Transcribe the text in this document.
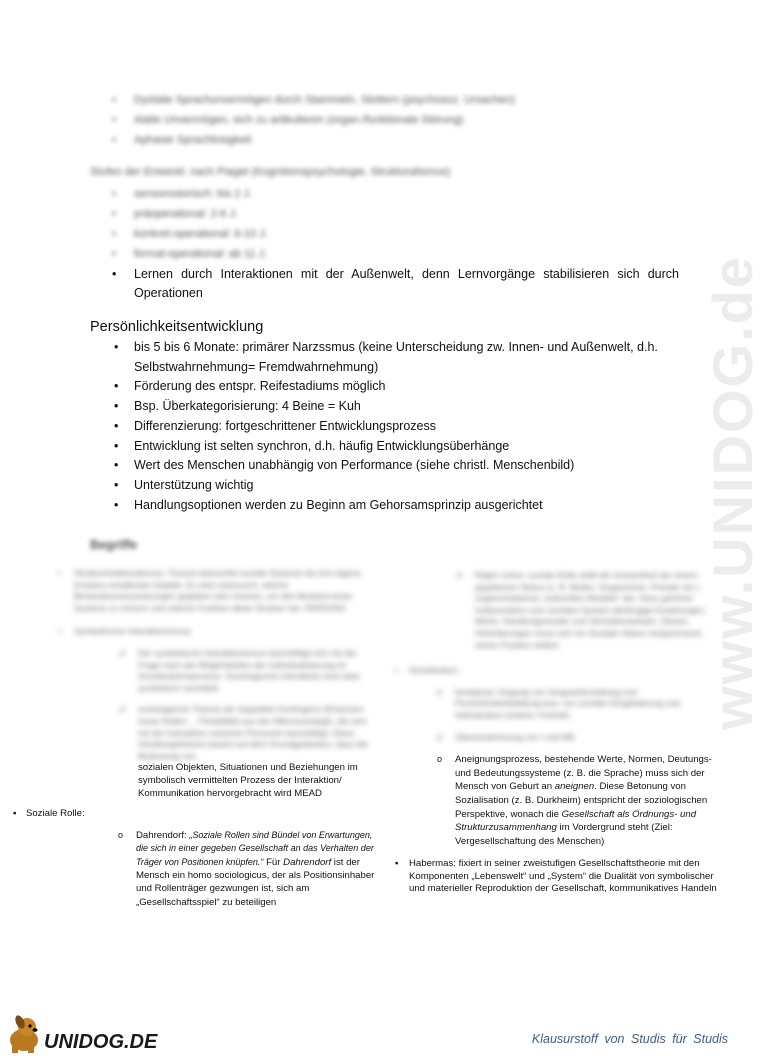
www.UNIDOG.de
• Dyslalie Sprachunvermögen durch Stammeln, Stottern (psychosoz. Ursachen)
• Alalie Unvermögen, sich zu artikulieren (organ./funktionale Störung)
• Aphasie Sprachlosigkeit
Stufen der Entwickl. nach Piaget (Kognitionspsychologie, Strukturalismus)
• sensomotorisch: bis 2 J.
• präoperational: 2-6 J.
• konkret-operational: 6-10 J.
• formal-operational: ab 11 J.
• Lernen durch Interaktionen mit der Außenwelt, denn Lernvorgänge stabilisieren sich durch Operationen
Persönlichkeitsentwicklung
• bis 5 bis 6 Monate: primärer Narzssmus (keine Unterscheidung zw. Innen- und Außenwelt, d.h. Selbstwahrnehmung= Fremdwahrnehmung)
• Förderung des entspr. Reifestadiums möglich
• Bsp. Überkategorisierung: 4 Beine = Kuh
• Differenzierung: fortgeschrittener Entwicklungsprozess
• Entwicklung ist selten synchron, d.h. häufig Entwicklungsüberhänge
• Wert des Menschen unabhängig von Performance (siehe christl. Menschenbild)
• Unterstützung wichtig
• Handlungsoptionen werden zu Beginn am Gehorsamsprinzip ausgerichtet
Begriffe
▪ Strukturfunktionalismus: Theorie betrachtet soziale Systeme als ihre eigene Existenz erhaltende Gebilde. Es wird untersucht, welche Bestandsvoraussetzungen gegeben sein müssen, um den Bestand eines Systems zu sichern und welche Funktion diese Struktur hat. PARSONS
▪ Symbolischer Interaktionismus
o Der symbolische Interaktionismus beschäftigt sich mit der Frage nach der Möglichkeiten der Individualisierung im Sozialisationsprozess. Soziologische Interaktion wird stets symbolisch vermittelt.
o soziologische Theorie der doppelten Kontingenz (Erkennen neuer Rollen ... Flexibilität) aus der Mikrosoziologie, die sich mit der Interaktion zwischen Personen beschäftigt. Diese Handlungstheorie basiert auf dem Grundgedanken, dass die Bedeutung von
sozialen Objekten, Situationen und Beziehungen im symbolisch vermittelten Prozess der Interaktion/ Kommunikation hervorgebracht wird MEAD
▪ Soziale Rolle:
o Dahrendorf: „Soziale Rollen sind Bündel von Erwartungen, die sich in einer gegeben Gesellschaft an das Verhalten der Träger von Positionen knüpfen.“ Für Dahrendorf ist der Mensch ein homo sociologicus, der als Positionsinhaber und Rollenträger gezwungen ist, sich am „Gesellschaftsspiel“ zu beteiligen
o Ralph Linton: soziale Rolle stellt die Gesamtheit der einem gegebenen Status (z. B. Mutter, Vorgesetzter, Priester etc.) zugeschriebenen „kulturellen Modelle“ dar. Dazu gehören insbesondere vom sozialen System abhängige Erwartungen, Werte, Handlungsmuster und Verhaltensweisen. Diesen Anforderungen muss sich ein Sozialer Akteur entsprechend seiner Position stellen.
▪ Sozialisation:
o komplexer Vorgang von Vergesellschaftung und Persönlichkeitsbildung bzw. von sozialer Eingliederung und Individuation (individ. Freiheit)
o Übereinstimmung von I und ME
o Aneignungsprozess, bestehende Werte, Normen, Deutungs- und Bedeutungssysteme (z. B. die Sprache) muss sich der Mensch von Geburt an aneignen. Diese Betonung von Sozialisation (z. B. Durkheim) entspricht der soziologischen Perspektive, wonach die Gesellschaft als Ordnungs- und Strukturzusammenhang im Vordergrund steht (Ziel: Vergesellschaftung des Menschen)
▪ Habermas: fixiert in seiner zweistufigen Gesellschaftstheorie mit den Komponenten „Lebenswelt“ und „System“ die Dualität von symbolischer und materieller Reproduktion der Gesellschaft, kommunikatives Handeln
UNIDOG.DE	Klausurstoff von Studis für Studis
